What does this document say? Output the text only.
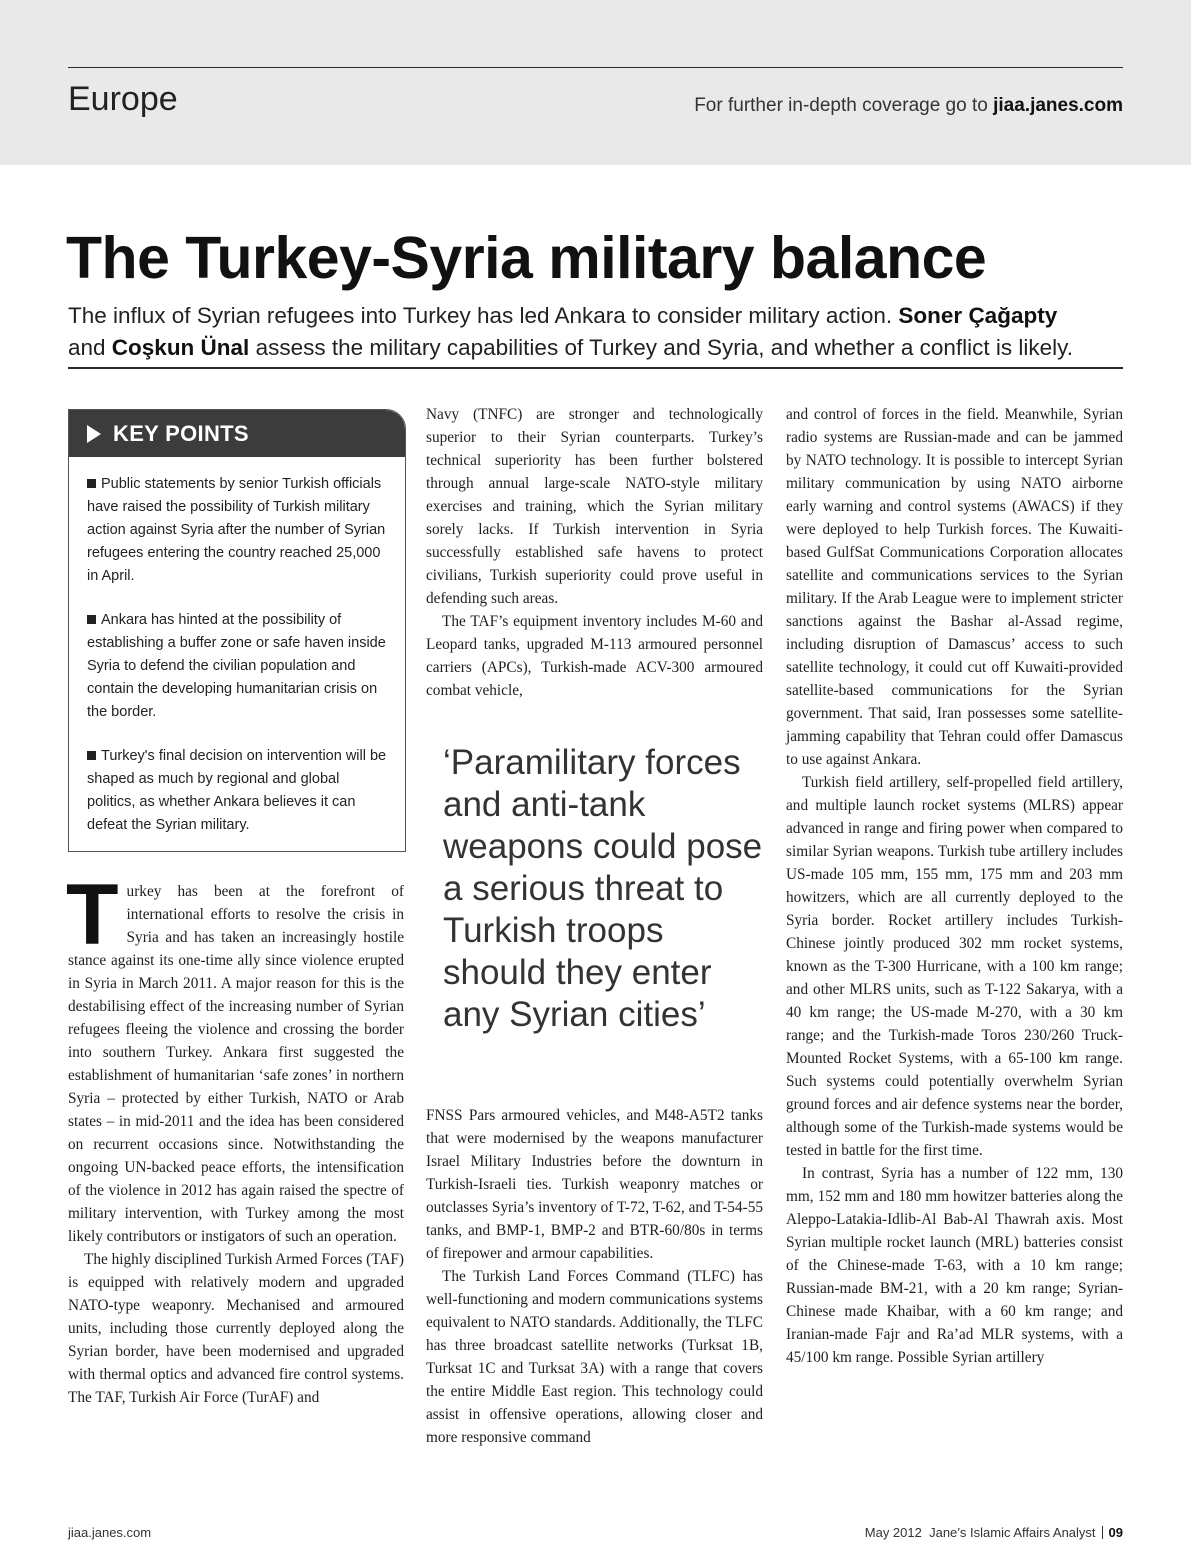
Europe	For further in-depth coverage go to jiaa.janes.com
The Turkey-Syria military balance
The influx of Syrian refugees into Turkey has led Ankara to consider military action. Soner Çağapty
and Coşkun Ünal assess the military capabilities of Turkey and Syria, and whether a conflict is likely.
KEY POINTS
Public statements by senior Turkish officials have raised the possibility of Turkish military action against Syria after the number of Syrian refugees entering the country reached 25,000 in April.
Ankara has hinted at the possibility of establishing a buffer zone or safe haven inside Syria to defend the civilian population and contain the developing humanitarian crisis on the border.
Turkey's final decision on intervention will be shaped as much by regional and global politics, as whether Ankara believes it can defeat the Syrian military.

Turkey has been at the forefront of international efforts to resolve the crisis in Syria and has taken an increasingly hostile stance against its one-time ally since violence erupted in Syria in March 2011. A major reason for this is the destabilising effect of the increasing number of Syrian refugees fleeing the violence and crossing the border into southern Turkey. Ankara first suggested the establishment of humanitarian ‘safe zones’ in northern Syria – protected by either Turkish, NATO or Arab states – in mid-2011 and the idea has been considered on recurrent occasions since. Notwithstanding the ongoing UN-backed peace efforts, the intensification of the violence in 2012 has again raised the spectre of military intervention, with Turkey among the most likely contributors or instigators of such an operation.

The highly disciplined Turkish Armed Forces (TAF) is equipped with relatively modern and upgraded NATO-type weaponry. Mechanised and armoured units, including those currently deployed along the Syrian border, have been modernised and upgraded with thermal optics and advanced fire control systems. The TAF, Turkish Air Force (TurAF) and

Navy (TNFC) are stronger and technologically superior to their Syrian counterparts. Turkey’s technical superiority has been further bolstered through annual large-scale NATO-style military exercises and training, which the Syrian military sorely lacks. If Turkish intervention in Syria successfully established safe havens to protect civilians, Turkish superiority could prove useful in defending such areas.

The TAF’s equipment inventory includes M-60 and Leopard tanks, upgraded M-113 armoured personnel carriers (APCs), Turkish-made ACV-300 armoured combat vehicle,

‘Paramilitary forces and anti-tank weapons could pose a serious threat to Turkish troops should they enter any Syrian cities’

FNSS Pars armoured vehicles, and M48-A5T2 tanks that were modernised by the weapons manufacturer Israel Military Industries before the downturn in Turkish-Israeli ties. Turkish weaponry matches or outclasses Syria’s inventory of T-72, T-62, and T-54-55 tanks, and BMP-1, BMP-2 and BTR-60/80s in terms of firepower and armour capabilities.

The Turkish Land Forces Command (TLFC) has well-functioning and modern communications systems equivalent to NATO standards. Additionally, the TLFC has three broadcast satellite networks (Turksat 1B, Turksat 1C and Turksat 3A) with a range that covers the entire Middle East region. This technology could assist in offensive operations, allowing closer and more responsive command

and control of forces in the field. Meanwhile, Syrian radio systems are Russian-made and can be jammed by NATO technology. It is possible to intercept Syrian military communication by using NATO airborne early warning and control systems (AWACS) if they were deployed to help Turkish forces. The Kuwaiti-based GulfSat Communications Corporation allocates satellite and communications services to the Syrian military. If the Arab League were to implement stricter sanctions against the Bashar al-Assad regime, including disruption of Damascus’ access to such satellite technology, it could cut off Kuwaiti-provided satellite-based communications for the Syrian government. That said, Iran possesses some satellite-jamming capability that Tehran could offer Damascus to use against Ankara.

Turkish field artillery, self-propelled field artillery, and multiple launch rocket systems (MLRS) appear advanced in range and firing power when compared to similar Syrian weapons. Turkish tube artillery includes US-made 105 mm, 155 mm, 175 mm and 203 mm howitzers, which are all currently deployed to the Syria border. Rocket artillery includes Turkish-Chinese jointly produced 302 mm rocket systems, known as the T-300 Hurricane, with a 100 km range; and other MLRS units, such as T-122 Sakarya, with a 40 km range; the US-made M-270, with a 30 km range; and the Turkish-made Toros 230/260 Truck-Mounted Rocket Systems, with a 65-100 km range. Such systems could potentially overwhelm Syrian ground forces and air defence systems near the border, although some of the Turkish-made systems would be tested in battle for the first time.

In contrast, Syria has a number of 122 mm, 130 mm, 152 mm and 180 mm howitzer batteries along the Aleppo-Latakia-Idlib-Al Bab-Al Thawrah axis. Most Syrian multiple rocket launch (MRL) batteries consist of the Chinese-made T-63, with a 10 km range; Russian-made BM-21, with a 20 km range; Syrian-Chinese made Khaibar, with a 60 km range; and Iranian-made Fajr and Ra’ad MLR systems, with a 45/100 km range. Possible Syrian artillery

jiaa.janes.com	May 2012 Jane’s Islamic Affairs Analyst 09
